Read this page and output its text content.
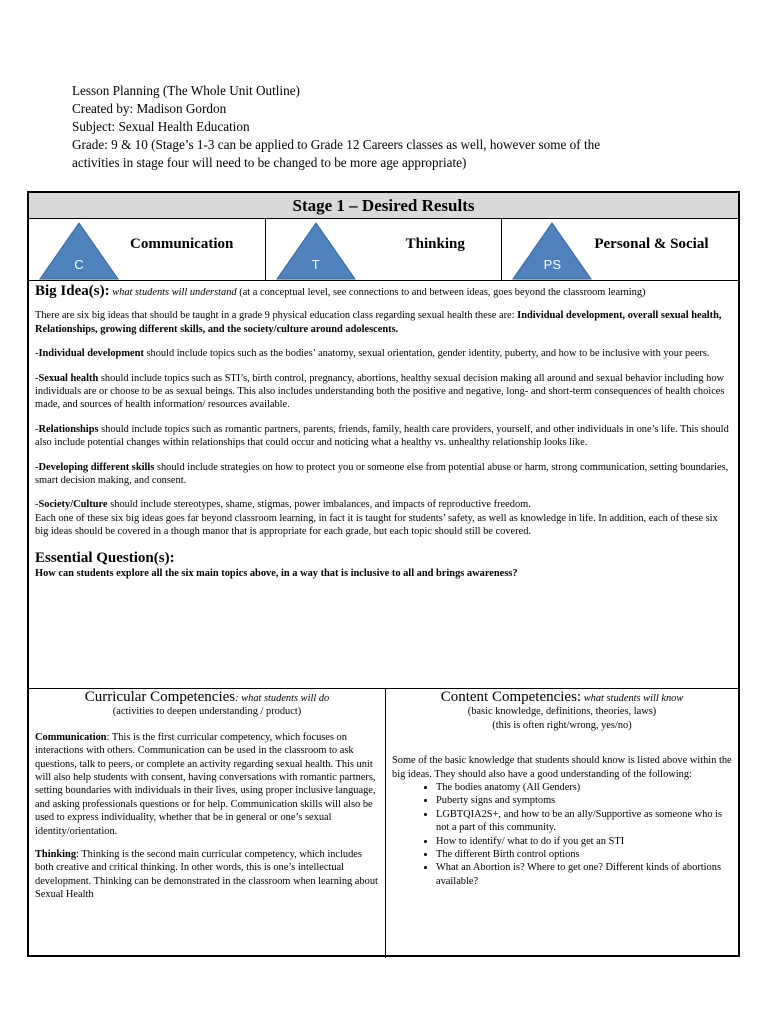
Lesson Planning (The Whole Unit Outline)
Created by: Madison Gordon
Subject: Sexual Health Education
Grade: 9 & 10 (Stage’s 1-3 can be applied to Grade 12 Careers classes as well, however some of the
activities in stage four will need to be changed to be more age appropriate)
Stage 1 – Desired Results
C
Communication
T
Thinking
PS
Personal & Social

Big Idea(s): what students will understand (at a conceptual level, see connections to and between ideas, goes beyond the classroom learning)

There are six big ideas that should be taught in a grade 9 physical education class regarding sexual health these are: Individual development, overall sexual health, Relationships, growing different skills, and the society/culture around adolescents.

-Individual development should include topics such as the bodies’ anatomy, sexual orientation, gender identity, puberty, and how to be inclusive with your peers.

-Sexual health should include topics such as STI’s, birth control, pregnancy, abortions, healthy sexual decision making all around and sexual behavior including how individuals are or choose to be as sexual beings. This also includes understanding both the positive and negative, long- and short-term consequences of health choices made, and sources of health information/ resources available.

-Relationships should include topics such as romantic partners, parents, friends, family, health care providers, yourself, and other individuals in one’s life. This should also include potential changes within relationships that could occur and noticing what a healthy vs. unhealthy relationship looks like.

-Developing different skills should include strategies on how to protect you or someone else from potential abuse or harm, strong communication, setting boundaries, smart decision making, and consent.

-Society/Culture should include stereotypes, shame, stigmas, power imbalances, and impacts of reproductive freedom.

Each one of these six big ideas goes far beyond classroom learning, in fact it is taught for students’ safety, as well as knowledge in life. In addition, each of these six big ideas should be covered in a though manor that is appropriate for each grade, but each topic should still be covered.

Essential Question(s):
How can students explore all the six main topics above, in a way that is inclusive to all and brings awareness?
Curricular Competencies: what students will do
(activities to deepen understanding / product)

Communication: This is the first curricular competency, which focuses on interactions with others. Communication can be used in the classroom to ask questions, talk to peers, or complete an activity regarding sexual health. This unit will also help students with consent, having conversations with romantic partners, setting boundaries with individuals in their lives, using proper inclusive language, and asking professionals questions or for help. Communication skills will also be used to express individuality, whether that be in general or one’s sexual identity/orientation.

Thinking: Thinking is the second main curricular competency, which includes both creative and critical thinking. In other words, this is one’s intellectual development. Thinking can be demonstrated in the classroom when learning about Sexual Health

Content Competencies: what students will know
(basic knowledge, definitions, theories, laws)
(this is often right/wrong, yes/no)

Some of the basic knowledge that students should know is listed above within the big ideas. They should also have a good understanding of the following:

• The bodies anatomy (All Genders)
• Puberty signs and symptoms
• LGBTQIA2S+, and how to be an ally/Supportive as someone who is not a part of this community.
• How to identify/ what to do if you get an STI
• The different Birth control options
• What an Abortion is? Where to get one? Different kinds of abortions available?
